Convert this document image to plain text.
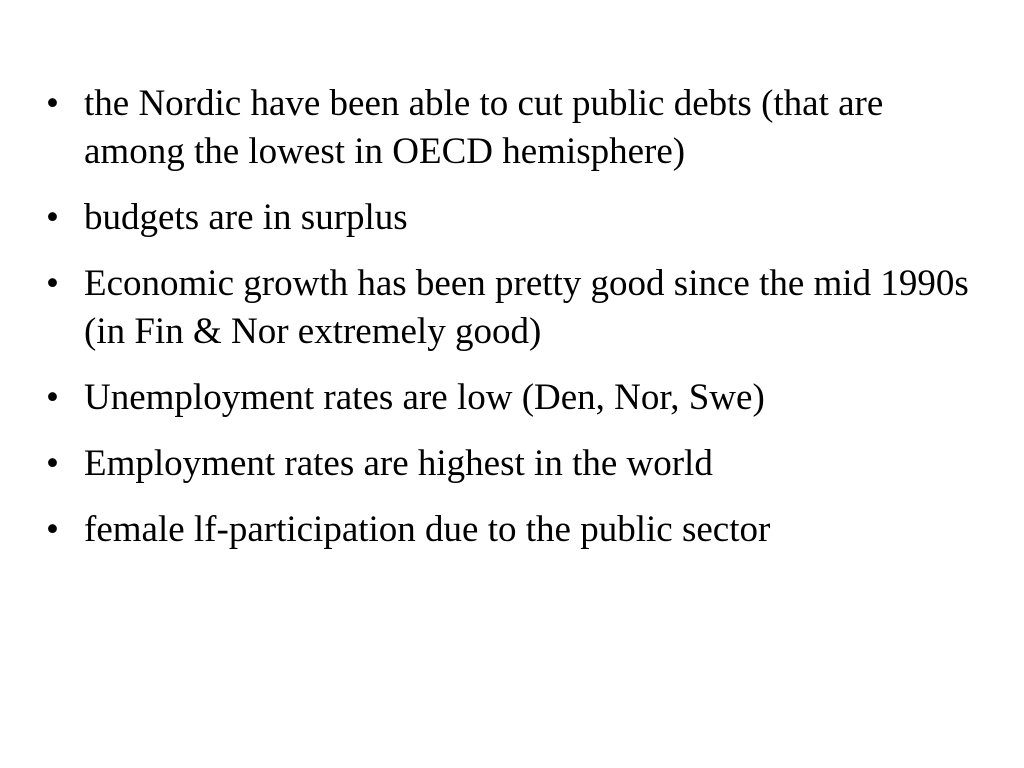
• the Nordic have been able to cut public debts (that are among the lowest in OECD hemisphere)
• budgets are in surplus
• Economic growth has been pretty good since the mid 1990s (in Fin & Nor extremely good)
• Unemployment rates are low (Den, Nor, Swe)
• Employment rates are highest in the world
• female lf-participation due to the public sector
